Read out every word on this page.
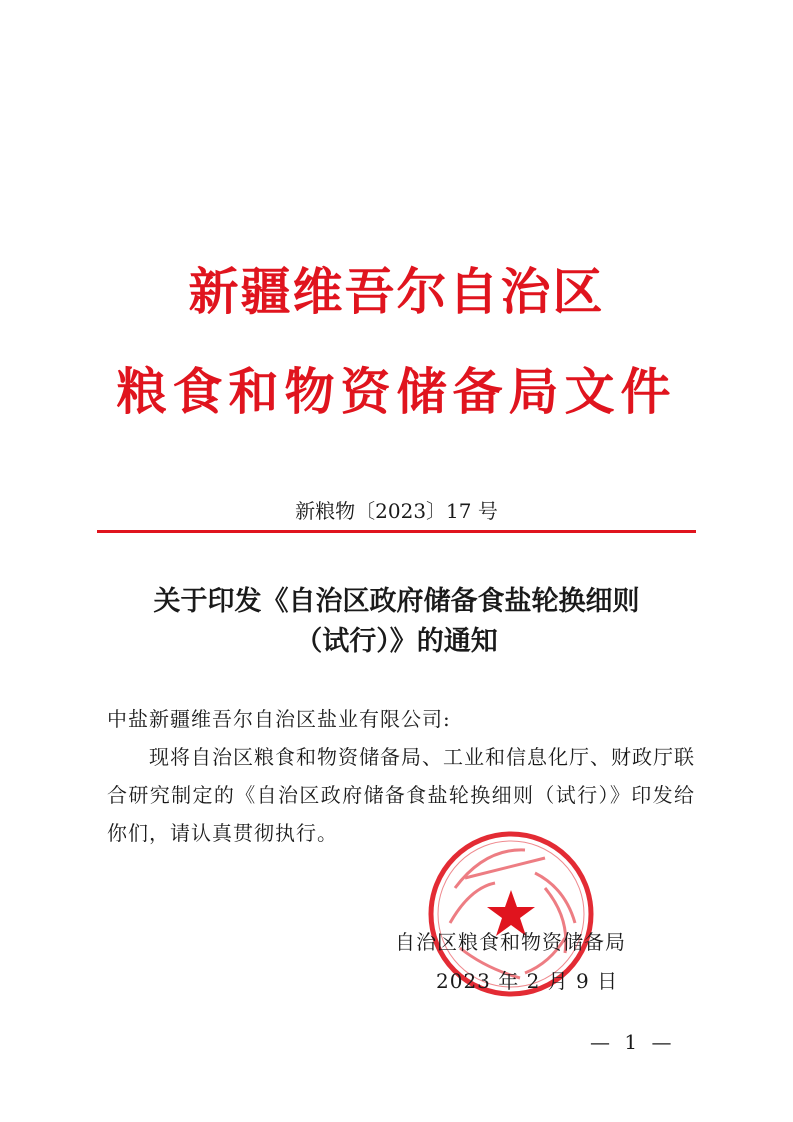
新疆维吾尔自治区
粮食和物资储备局文件
新粮物〔2023〕17 号
关于印发《自治区政府储备食盐轮换细则
（试行）》的通知
中盐新疆维吾尔自治区盐业有限公司:
现将自治区粮食和物资储备局、工业和信息化厅、财政厅联合研究制定的《自治区政府储备食盐轮换细则（试行）》印发给你们，请认真贯彻执行。
自治区粮食和物资储备局
2023 年 2 月 9 日
— 1 —
